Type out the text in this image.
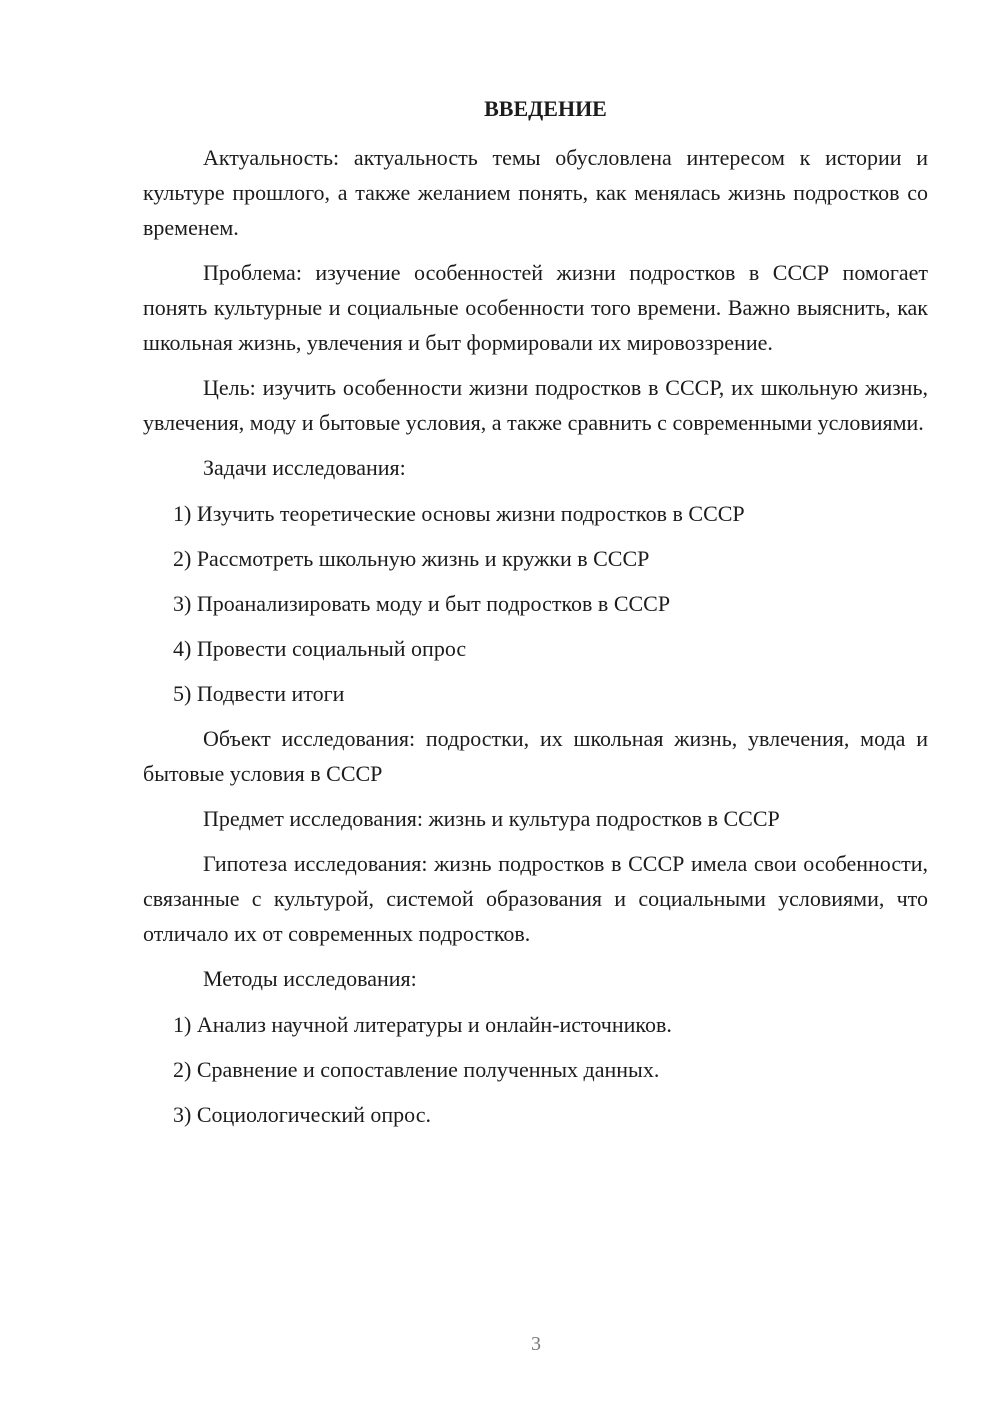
ВВЕДЕНИЕ

Актуальность: актуальность темы обусловлена интересом к истории и культуре прошлого, а также желанием понять, как менялась жизнь подростков со временем.

Проблема: изучение особенностей жизни подростков в СССР помогает понять культурные и социальные особенности того времени. Важно выяснить, как школьная жизнь, увлечения и быт формировали их мировоззрение.

Цель: изучить особенности жизни подростков в СССР, их школьную жизнь, увлечения, моду и бытовые условия, а также сравнить с современными условиями.

Задачи исследования:

1) Изучить теоретические основы жизни подростков в СССР
2) Рассмотреть школьную жизнь и кружки в СССР
3) Проанализировать моду и быт подростков в СССР
4) Провести социальный опрос
5) Подвести итоги

Объект исследования: подростки, их школьная жизнь, увлечения, мода и бытовые условия в СССР

Предмет исследования: жизнь и культура подростков в СССР

Гипотеза исследования: жизнь подростков в СССР имела свои особенности, связанные с культурой, системой образования и социальными условиями, что отличало их от современных подростков.

Методы исследования:

1) Анализ научной литературы и онлайн-источников.
2) Сравнение и сопоставление полученных данных.
3) Социологический опрос.
3
